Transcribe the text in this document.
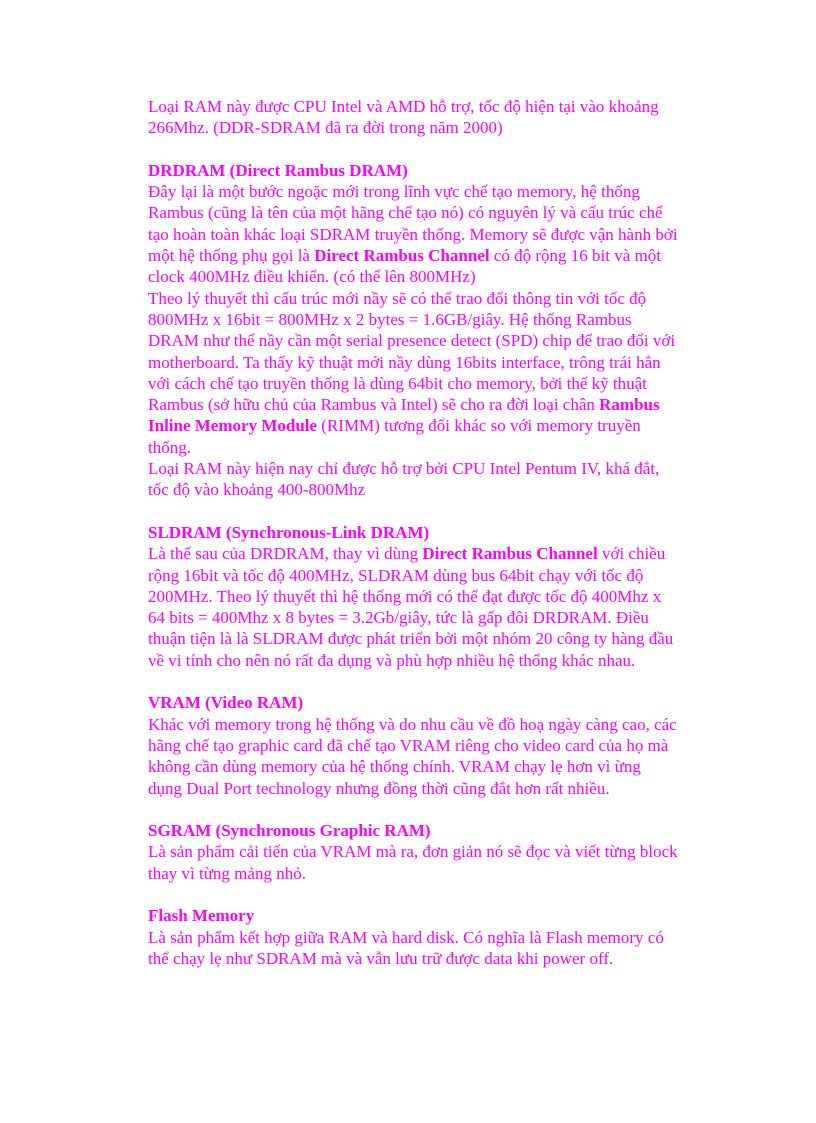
Loại RAM này được CPU Intel và AMD hỗ trợ, tốc độ hiện tại vào khoảng 266Mhz. (DDR-SDRAM đã ra đời trong năm 2000)

DRDRAM (Direct Rambus DRAM)

Đây lại là một bước ngoặc mới trong lĩnh vực chế tạo memory, hệ thống Rambus (cũng là tên của một hãng chế tạo nó) có nguyên lý và cấu trúc chế tạo hoàn toàn khác loại SDRAM truyền thống. Memory sẽ được vận hành bởi một hệ thống phụ gọi là Direct Rambus Channel có độ rộng 16 bit và một clock 400MHz điều khiển. (có thể lên 800MHz)

Theo lý thuyết thì cấu trúc mới nầy sẽ có thể trao đổi thông tin với tốc độ 800MHz x 16bit = 800MHz x 2 bytes = 1.6GB/giây. Hệ thống Rambus DRAM như thế nầy cần một serial presence detect (SPD) chip để trao đổi với motherboard. Ta thấy kỹ thuật mới nầy dùng 16bits interface, trông trái hẳn với cách chế tạo truyền thống là dùng 64bit cho memory, bởi thế kỹ thuật Rambus (sở hữu chủ của Rambus và Intel) sẽ cho ra đời loại chân Rambus Inline Memory Module (RIMM) tương đối khác so với memory truyền thống.

Loại RAM này hiện nay chỉ được hỗ trợ bởi CPU Intel Pentum IV, khá đắt, tốc độ vào khoảng 400-800Mhz

SLDRAM (Synchronous-Link DRAM)

Là thế sau của DRDRAM, thay vì dùng Direct Rambus Channel với chiều rộng 16bit và tốc độ 400MHz, SLDRAM dùng bus 64bit chạy với tốc độ 200MHz. Theo lý thuyết thì hệ thống mới có thể đạt được tốc độ 400Mhz x 64 bits = 400Mhz x 8 bytes = 3.2Gb/giây, tức là gấp đôi DRDRAM. Điều thuận tiện là là SLDRAM được phát triển bởi một nhóm 20 công ty hàng đầu về vi tính cho nên nó rất đa dụng và phù hợp nhiều hệ thống khác nhau.

VRAM (Video RAM)

Khác với memory trong hệ thống và do nhu cầu về đồ hoạ ngày càng cao, các hãng chế tạo graphic card đã chế tạo VRAM riêng cho video card của họ mà không cần dùng memory của hệ thống chính. VRAM chạy lẹ hơn vì ừng dụng Dual Port technology nhưng đồng thời cũng đắt hơn rất nhiều.

SGRAM (Synchronous Graphic RAM)

Là sản phẩm cải tiến của VRAM mà ra, đơn giản nó sẽ đọc và viết từng block thay vì từng mảng nhỏ.

Flash Memory

Là sản phẩm kết hợp giữa RAM và hard disk. Có nghĩa là Flash memory có thể chạy lẹ như SDRAM mà và vẫn lưu trữ được data khi power off.
